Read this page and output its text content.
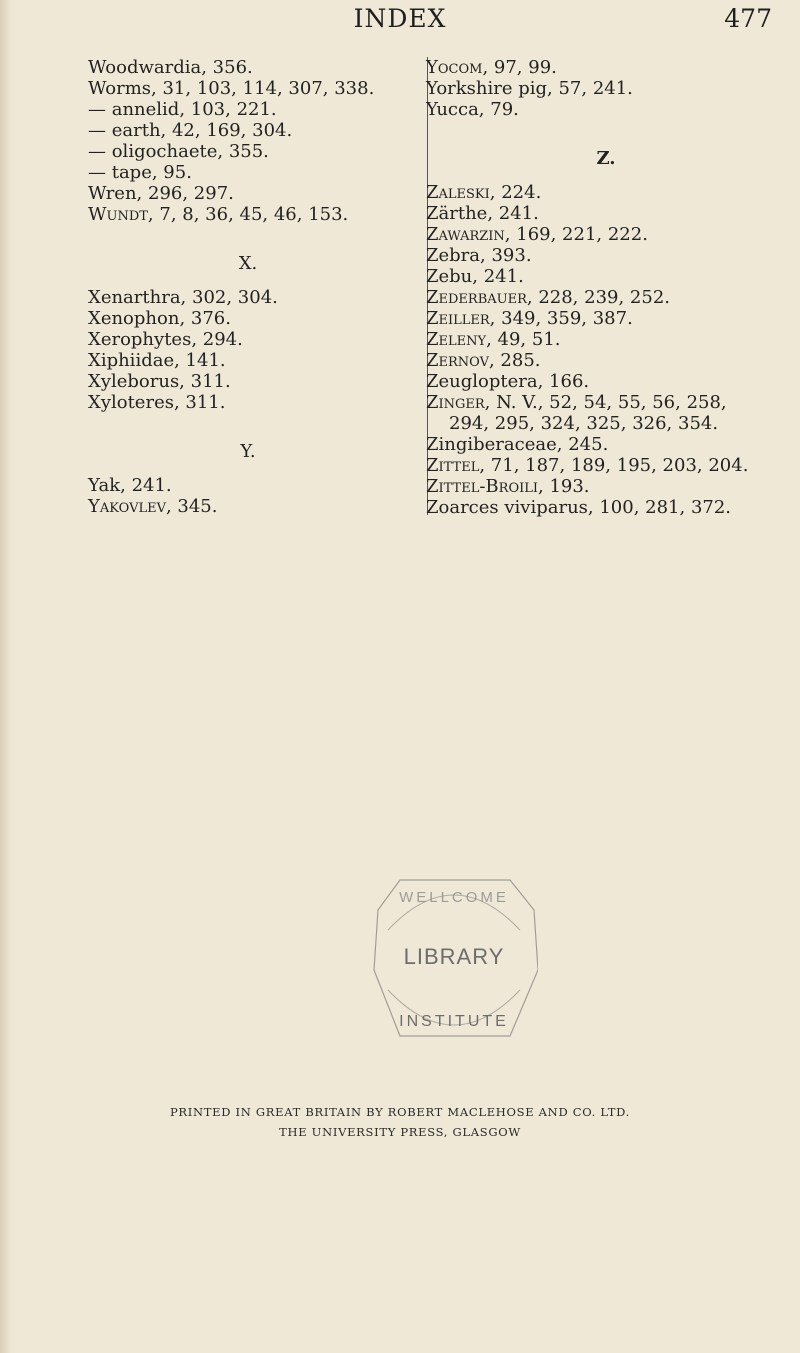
INDEX	477

Woodwardia, 356.

Worms, 31, 103, 114, 307, 338.

— annelid, 103, 221.

— earth, 42, 169, 304.

— oligochaete, 355.

— tape, 95.

Wren, 296, 297.

Wundt, 7, 8, 36, 45, 46, 153.

X.

Xenarthra, 302, 304.

Xenophon, 376.

Xerophytes, 294.

Xiphiidae, 141.

Xyleborus, 311.

Xyloteres, 311.

Y.

Yak, 241.

Yakovlev, 345.

Yocom, 97, 99.

Yorkshire pig, 57, 241.

Yucca, 79.

Z.

Zaleski, 224.

Zärthe, 241.

Zawarzin, 169, 221, 222.

Zebra, 393.

Zebu, 241.

Zederbauer, 228, 239, 252.

Zeiller, 349, 359, 387.

Zeleny, 49, 51.

Zernov, 285.

Zeugloptera, 166.

Zinger, N. V., 52, 54, 55, 56, 258,

294, 295, 324, 325, 326, 354.

Zingiberaceae, 245.

Zittel, 71, 187, 189, 195, 203, 204.

Zittel-Broili, 193.

Zoarces viviparus, 100, 281, 372.

LIBRARY
WELLCOME
INSTITUTE
PRINTED IN GREAT BRITAIN BY ROBERT MACLEHOSE AND CO. LTD.
THE UNIVERSITY PRESS, GLASGOW
